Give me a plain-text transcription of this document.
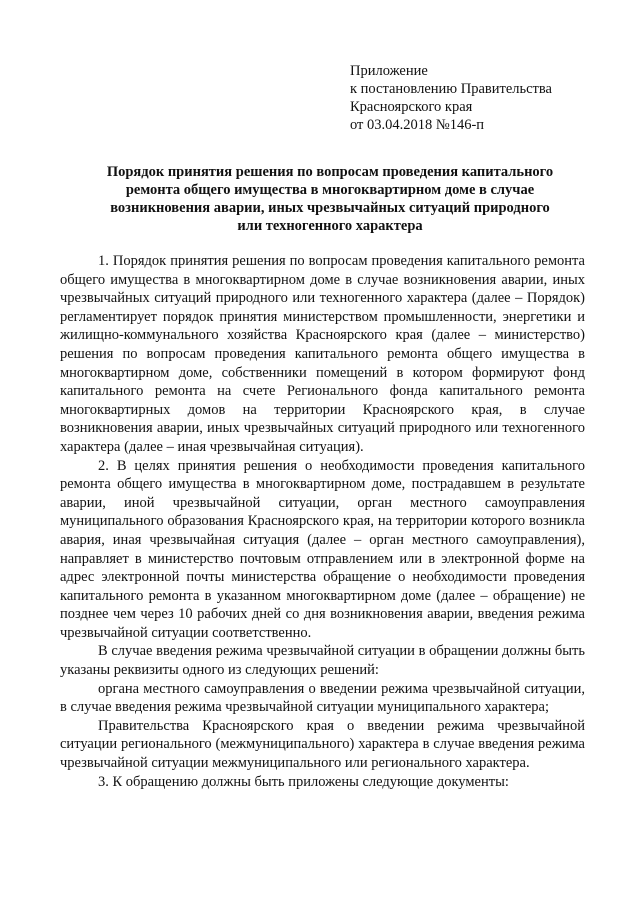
Приложение
к постановлению Правительства
Красноярского края
от 03.04.2018 №146-п
Порядок принятия решения по вопросам проведения капитального
ремонта общего имущества в многоквартирном доме в случае
возникновения аварии, иных чрезвычайных ситуаций природного
или техногенного характера

1. Порядок принятия решения по вопросам проведения капитального ремонта общего имущества в многоквартирном доме в случае возникновения аварии, иных чрезвычайных ситуаций природного или техногенного характера (далее – Порядок) регламентирует порядок принятия министерством промышленности, энергетики и жилищно-коммунального хозяйства Красноярского края (далее – министерство) решения по вопросам проведения капитального ремонта общего имущества в многоквартирном доме, собственники помещений в котором формируют фонд капитального ремонта на счете Регионального фонда капитального ремонта многоквартирных домов на территории Красноярского края, в случае возникновения аварии, иных чрезвычайных ситуаций природного или техногенного характера (далее – иная чрезвычайная ситуация).

2. В целях принятия решения о необходимости проведения капитального ремонта общего имущества в многоквартирном доме, пострадавшем в результате аварии, иной чрезвычайной ситуации, орган местного самоуправления муниципального образования Красноярского края, на территории которого возникла авария, иная чрезвычайная ситуация (далее – орган местного самоуправления), направляет в министерство почтовым отправлением или в электронной форме на адрес электронной почты министерства обращение о необходимости проведения капитального ремонта в указанном многоквартирном доме (далее – обращение) не позднее чем через 10 рабочих дней со дня возникновения аварии, введения режима чрезвычайной ситуации соответственно.

В случае введения режима чрезвычайной ситуации в обращении должны быть указаны реквизиты одного из следующих решений:

органа местного самоуправления о введении режима чрезвычайной ситуации, в случае введения режима чрезвычайной ситуации муниципального характера;

Правительства Красноярского края о введении режима чрезвычайной ситуации регионального (межмуниципального) характера в случае введения режима чрезвычайной ситуации межмуниципального или регионального характера.

3. К обращению должны быть приложены следующие документы:
